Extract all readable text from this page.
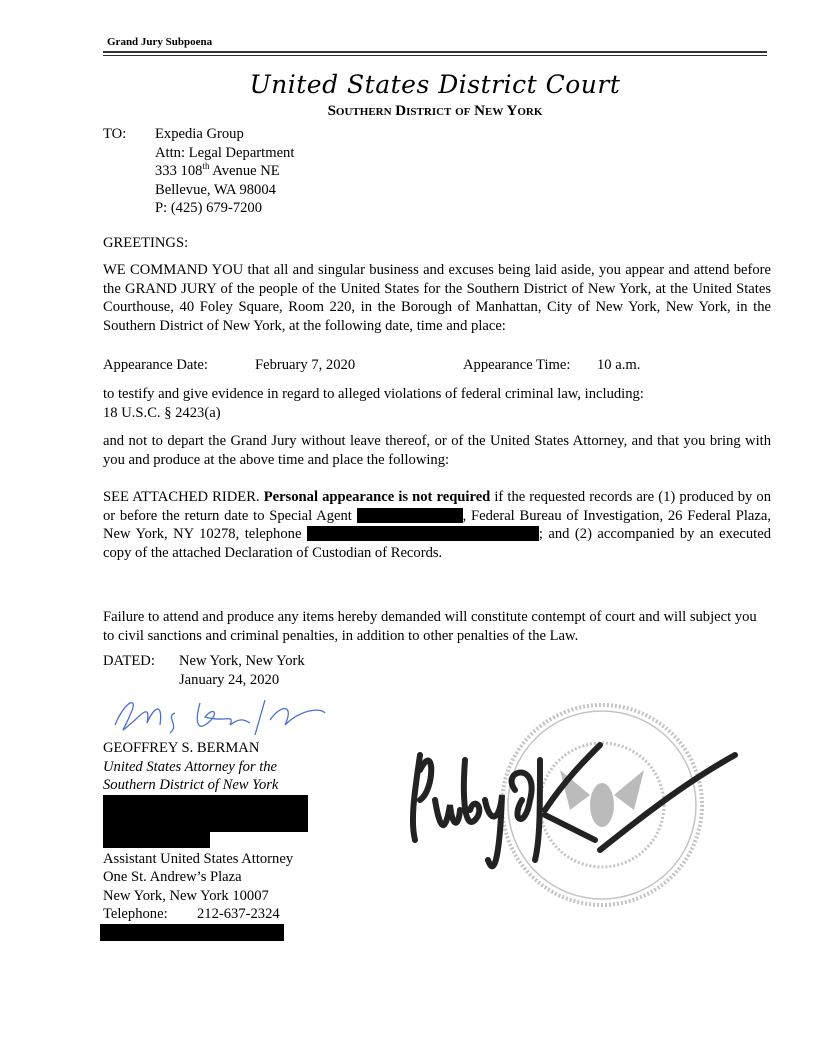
Grand Jury Subpoena
United States District Court
Southern District of New York
TO:	Expedia Group
Attn: Legal Department
333 108th Avenue NE
Bellevue, WA 98004
P: (425) 679-7200
GREETINGS:
WE COMMAND YOU that all and singular business and excuses being laid aside, you appear and attend before the GRAND JURY of the people of the United States for the Southern District of New York, at the United States Courthouse, 40 Foley Square, Room 220, in the Borough of Manhattan, City of New York, New York, in the Southern District of New York, at the following date, time and place:
Appearance Date:	February 7, 2020	Appearance Time:	10 a.m.
to testify and give evidence in regard to alleged violations of federal criminal law, including:
18 U.S.C. § 2423(a)
and not to depart the Grand Jury without leave thereof, or of the United States Attorney, and that you bring with you and produce at the above time and place the following:
SEE ATTACHED RIDER. Personal appearance is not required if the requested records are (1) produced by on or before the return date to Special Agent	, Federal Bureau of Investigation, 26 Federal Plaza, New York, NY 10278, telephone	; and (2) accompanied by an executed copy of the attached Declaration of Custodian of Records.
Failure to attend and produce any items hereby demanded will constitute contempt of court and will subject you to civil sanctions and criminal penalties, in addition to other penalties of the Law.
DATED:	New York, New York
January 24, 2020
GEOFFREY S. BERMAN
United States Attorney for the
Southern District of New York
Assistant United States Attorney
One St. Andrew’s Plaza
New York, New York 10007
Telephone:	212-637-2324
